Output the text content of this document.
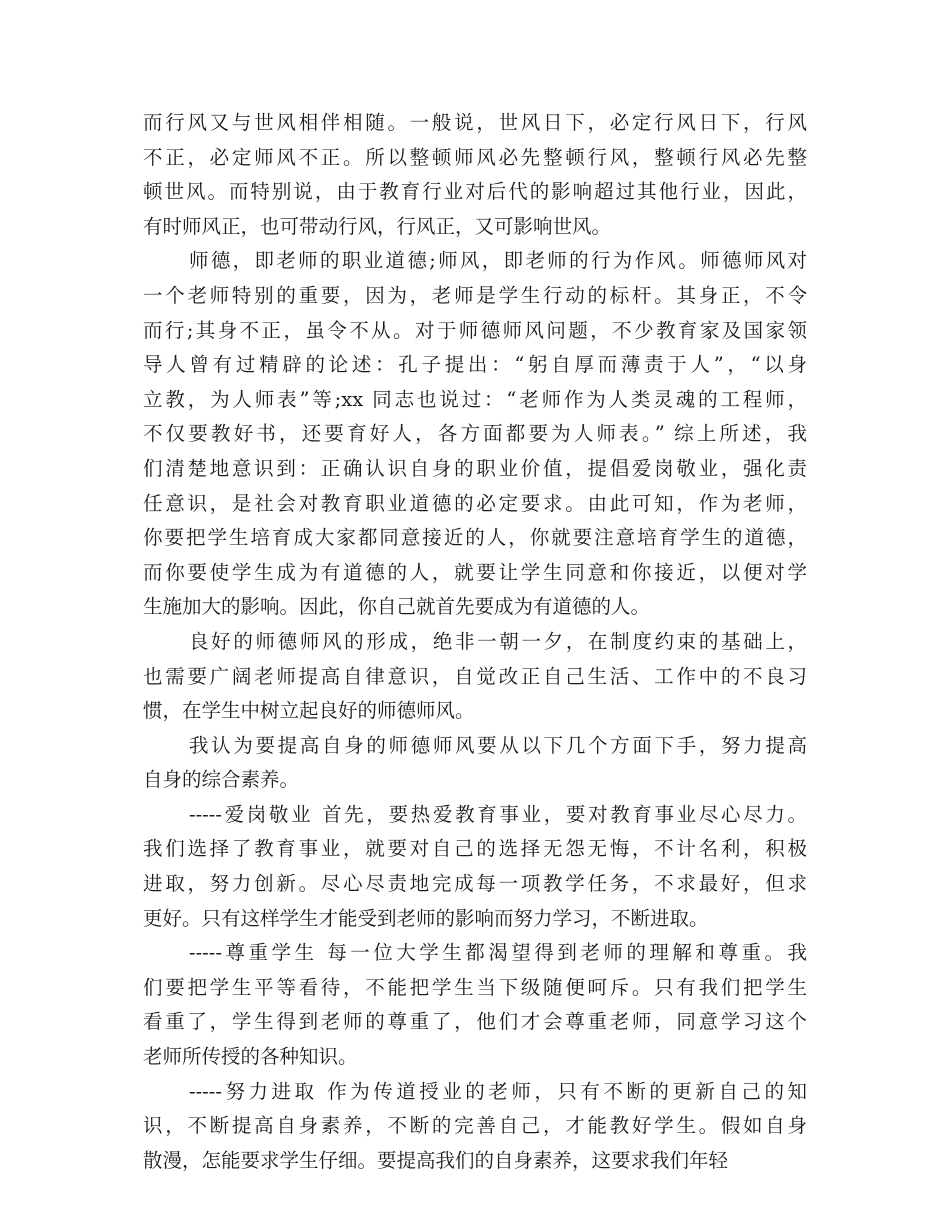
而行风又与世风相伴相随。一般说，世风日下，必定行风日下，行风
不正，必定师风不正。所以整顿师风必先整顿行风，整顿行风必先整
顿世风。而特别说，由于教育行业对后代的影响超过其他行业，因此，
有时师风正，也可带动行风，行风正，又可影响世风。
师德，即老师的职业道德;师风，即老师的行为作风。师德师风对
一个老师特别的重要，因为，老师是学生行动的标杆。其身正，不令
而行;其身不正，虽令不从。对于师德师风问题，不少教育家及国家领
导人曾有过精辟的论述：孔子提出：“躬自厚而薄责于人”，“以身
立教，为人师表”等;xx 同志也说过：“老师作为人类灵魂的工程师，
不仅要教好书，还要育好人，各方面都要为人师表。” 综上所述，我
们清楚地意识到：正确认识自身的职业价值，提倡爱岗敬业，强化责
任意识，是社会对教育职业道德的必定要求。由此可知，作为老师，
你要把学生培育成大家都同意接近的人，你就要注意培育学生的道德，
而你要使学生成为有道德的人，就要让学生同意和你接近，以便对学
生施加大的影响。因此，你自己就首先要成为有道德的人。
良好的师德师风的形成，绝非一朝一夕，在制度约束的基础上，
也需要广阔老师提高自律意识，自觉改正自己生活、工作中的不良习
惯，在学生中树立起良好的师德师风。
我认为要提高自身的师德师风要从以下几个方面下手，努力提高
自身的综合素养。
-----爱岗敬业 首先，要热爱教育事业，要对教育事业尽心尽力。
我们选择了教育事业，就要对自己的选择无怨无悔，不计名利，积极
进取，努力创新。尽心尽责地完成每一项教学任务，不求最好，但求
更好。只有这样学生才能受到老师的影响而努力学习，不断进取。
-----尊重学生 每一位大学生都渴望得到老师的理解和尊重。我
们要把学生平等看待，不能把学生当下级随便呵斥。只有我们把学生
看重了，学生得到老师的尊重了，他们才会尊重老师，同意学习这个
老师所传授的各种知识。
-----努力进取 作为传道授业的老师，只有不断的更新自己的知
识，不断提高自身素养，不断的完善自己，才能教好学生。假如自身
散漫，怎能要求学生仔细。要提高我们的自身素养，这要求我们年轻
